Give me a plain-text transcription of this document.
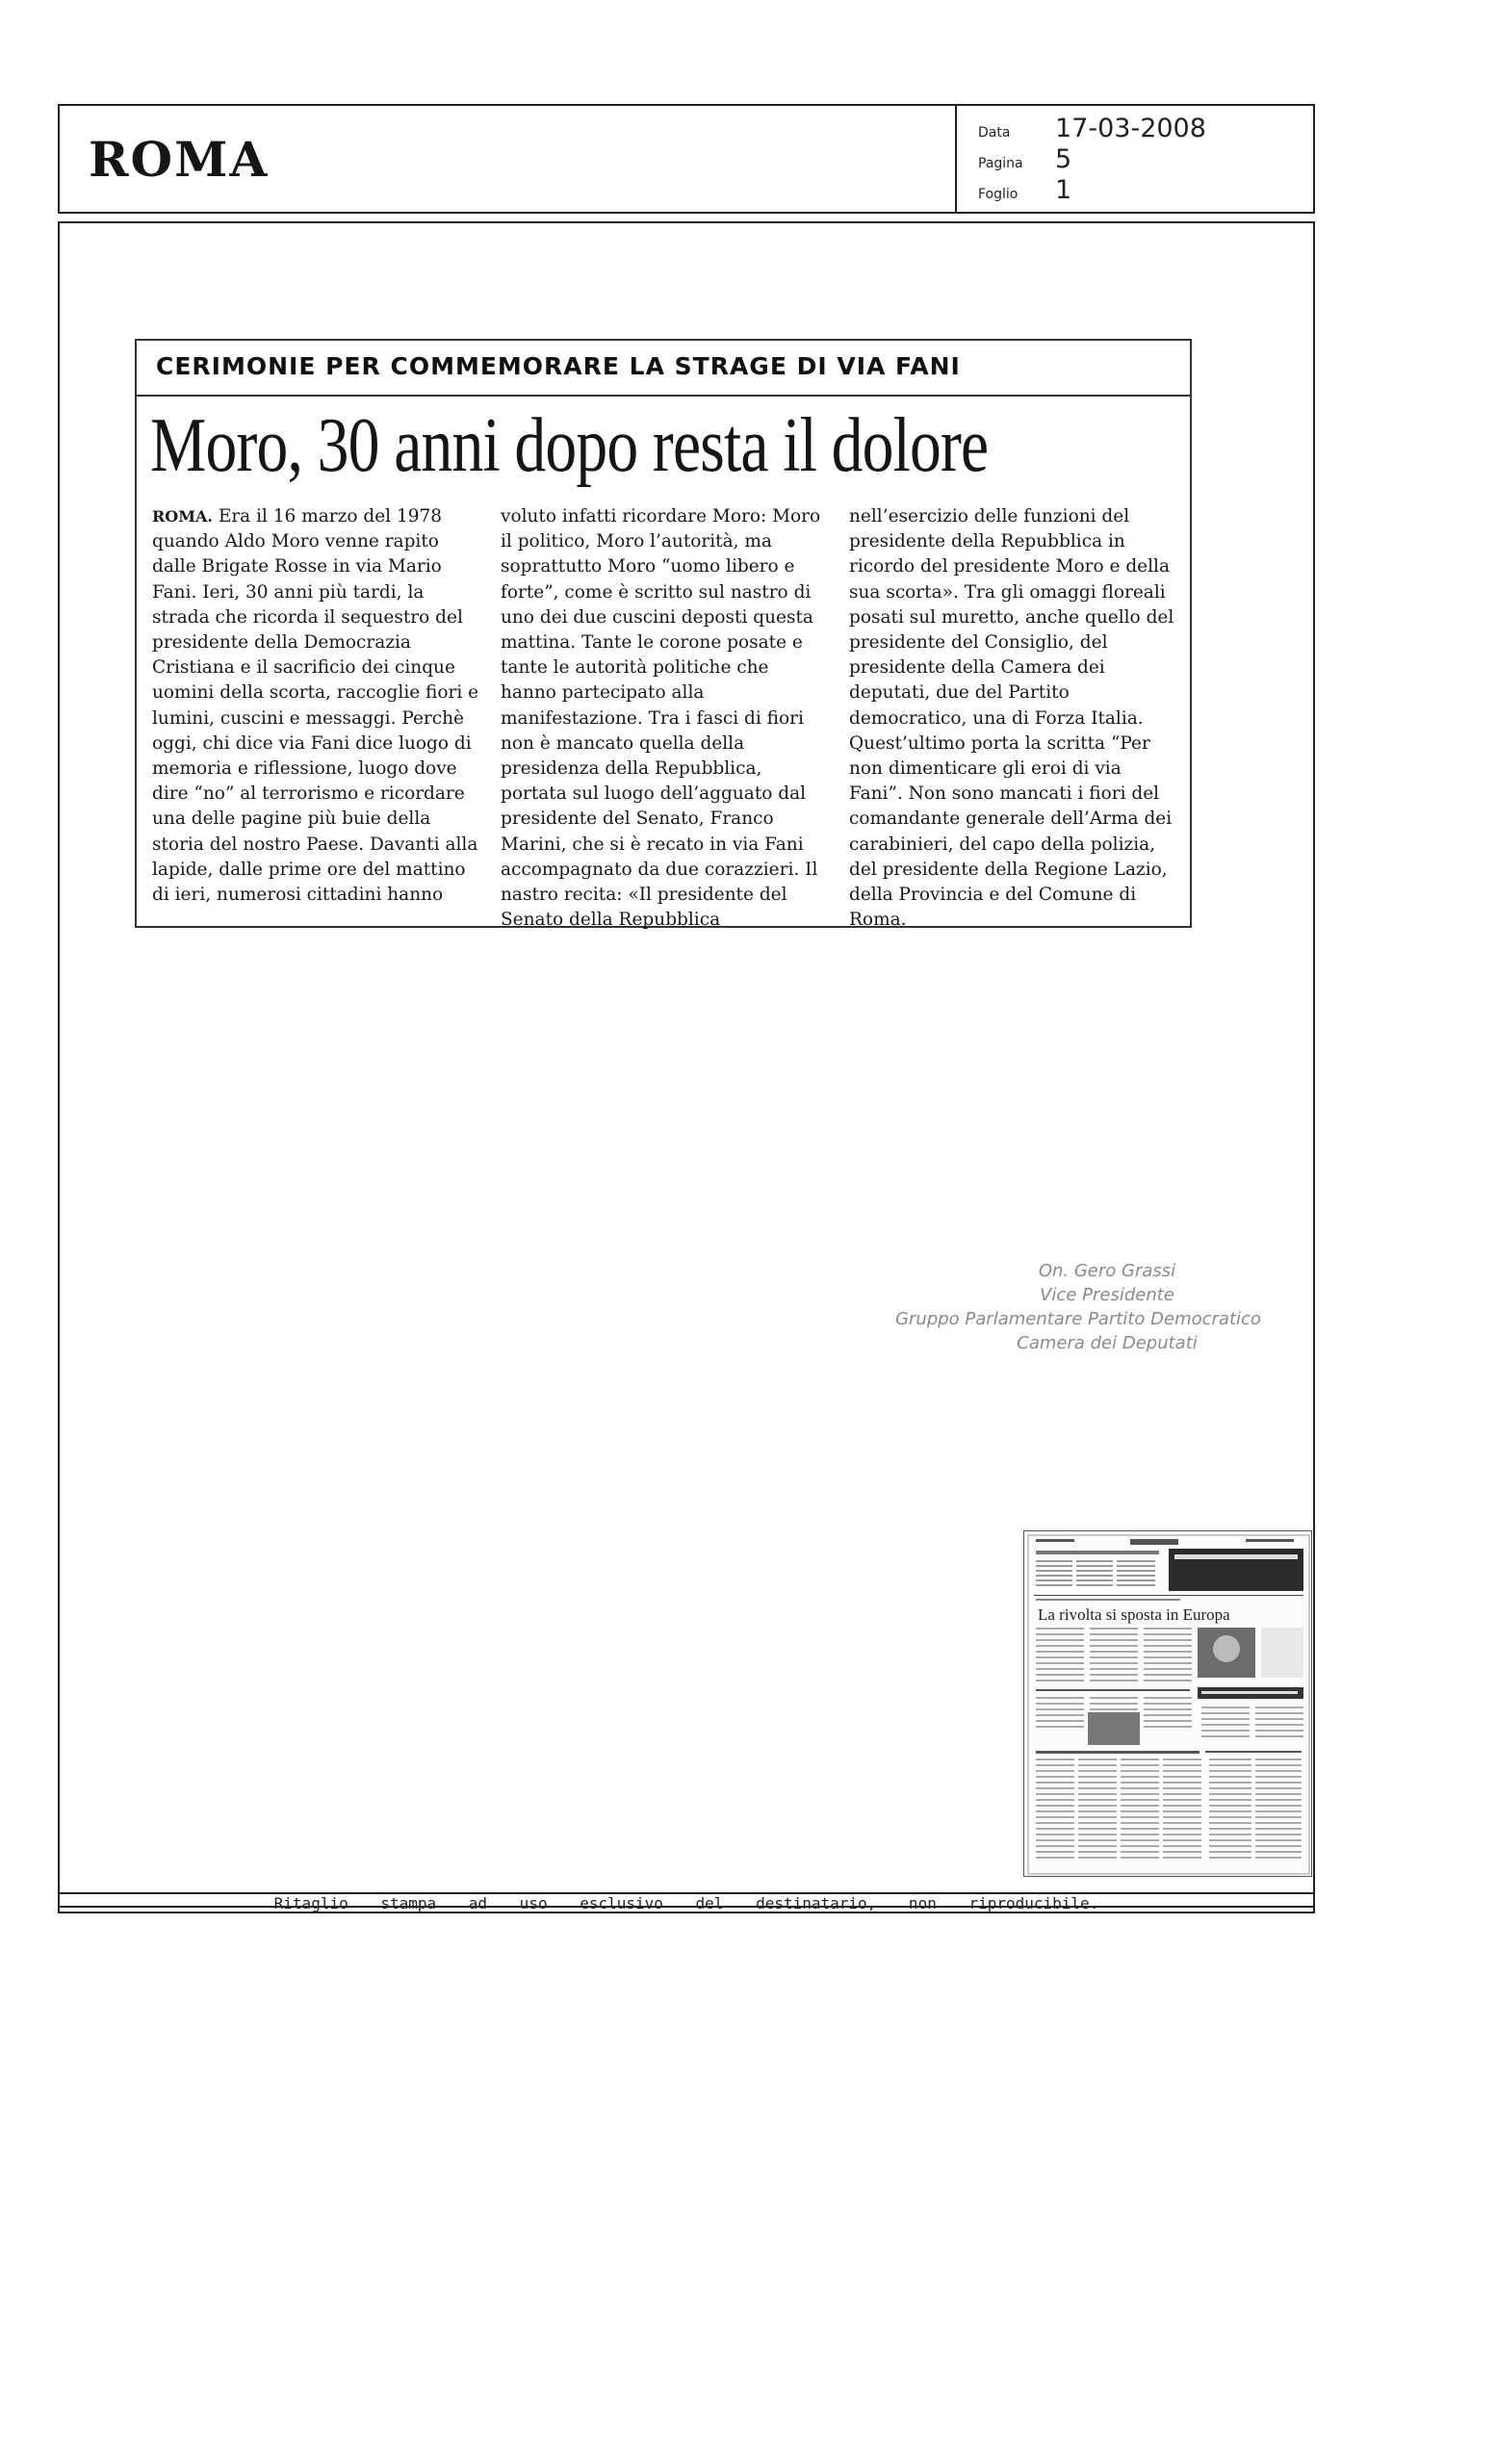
ROMA	Data	17-03-2008
Pagina	5
Foglio	1
CERIMONIE PER COMMEMORARE LA STRAGE DI VIA FANI
Moro, 30 anni dopo resta il dolore

ROMA. Era il 16 marzo del 1978 quando Aldo Moro venne rapito dalle Brigate Rosse in via Mario Fani. Ieri, 30 anni più tardi, la strada che ricorda il sequestro del presidente della Democrazia Cristiana e il sacrificio dei cinque uomini della scorta, raccoglie fiori e lumini, cuscini e messaggi. Perchè oggi, chi dice via Fani dice luogo di memoria e riflessione, luogo dove dire “no” al terrorismo e ricordare una delle pagine più buie della storia del nostro Paese. Davanti alla lapide, dalle prime ore del mattino di ieri, numerosi cittadini hanno

voluto infatti ricordare Moro: Moro il politico, Moro l’autorità, ma soprattutto Moro “uomo libero e forte”, come è scritto sul nastro di uno dei due cuscini deposti questa mattina. Tante le corone posate e tante le autorità politiche che hanno partecipato alla manifestazione. Tra i fasci di fiori non è mancato quella della presidenza della Repubblica, portata sul luogo dell’agguato dal presidente del Senato, Franco Marini, che si è recato in via Fani accompagnato da due corazzieri. Il nastro recita: «Il presidente del Senato della Repubblica

nell’esercizio delle funzioni del presidente della Repubblica in ricordo del presidente Moro e della sua scorta». Tra gli omaggi floreali posati sul muretto, anche quello del presidente del Consiglio, del presidente della Camera dei deputati, due del Partito democratico, una di Forza Italia. Quest’ultimo porta la scritta “Per non dimenticare gli eroi di via Fani”. Non sono mancati i fiori del comandante generale dell’Arma dei carabinieri, del capo della polizia, del presidente della Regione Lazio, della Provincia e del Comune di Roma.

On. Gero Grassi
Vice Presidente
Gruppo Parlamentare Partito Democratico
Camera dei Deputati
La rivolta si sposta in Europa
Ritaglio stampa ad uso esclusivo del destinatario, non riproducibile.
